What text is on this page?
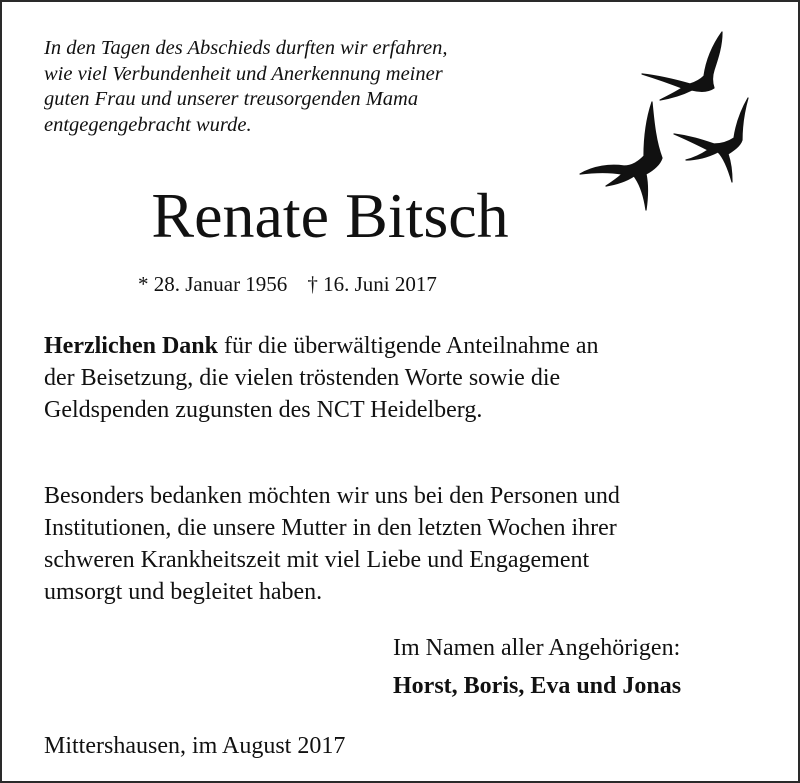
In den Tagen des Abschieds durften wir erfahren,
wie viel Verbundenheit und Anerkennung meiner
guten Frau und unserer treusorgenden Mama
entgegengebracht wurde.
Renate Bitsch
* 28. Januar 1956 † 16. Juni 2017
Herzlichen Dank für die überwältigende Anteilnahme an
der Beisetzung, die vielen tröstenden Worte sowie die
Geldspenden zugunsten des NCT Heidelberg.
Besonders bedanken möchten wir uns bei den Personen und
Institutionen, die unsere Mutter in den letzten Wochen ihrer
schweren Krankheitszeit mit viel Liebe und Engagement
umsorgt und begleitet haben.
Im Namen aller Angehörigen:
Horst, Boris, Eva und Jonas
Mittershausen, im August 2017
